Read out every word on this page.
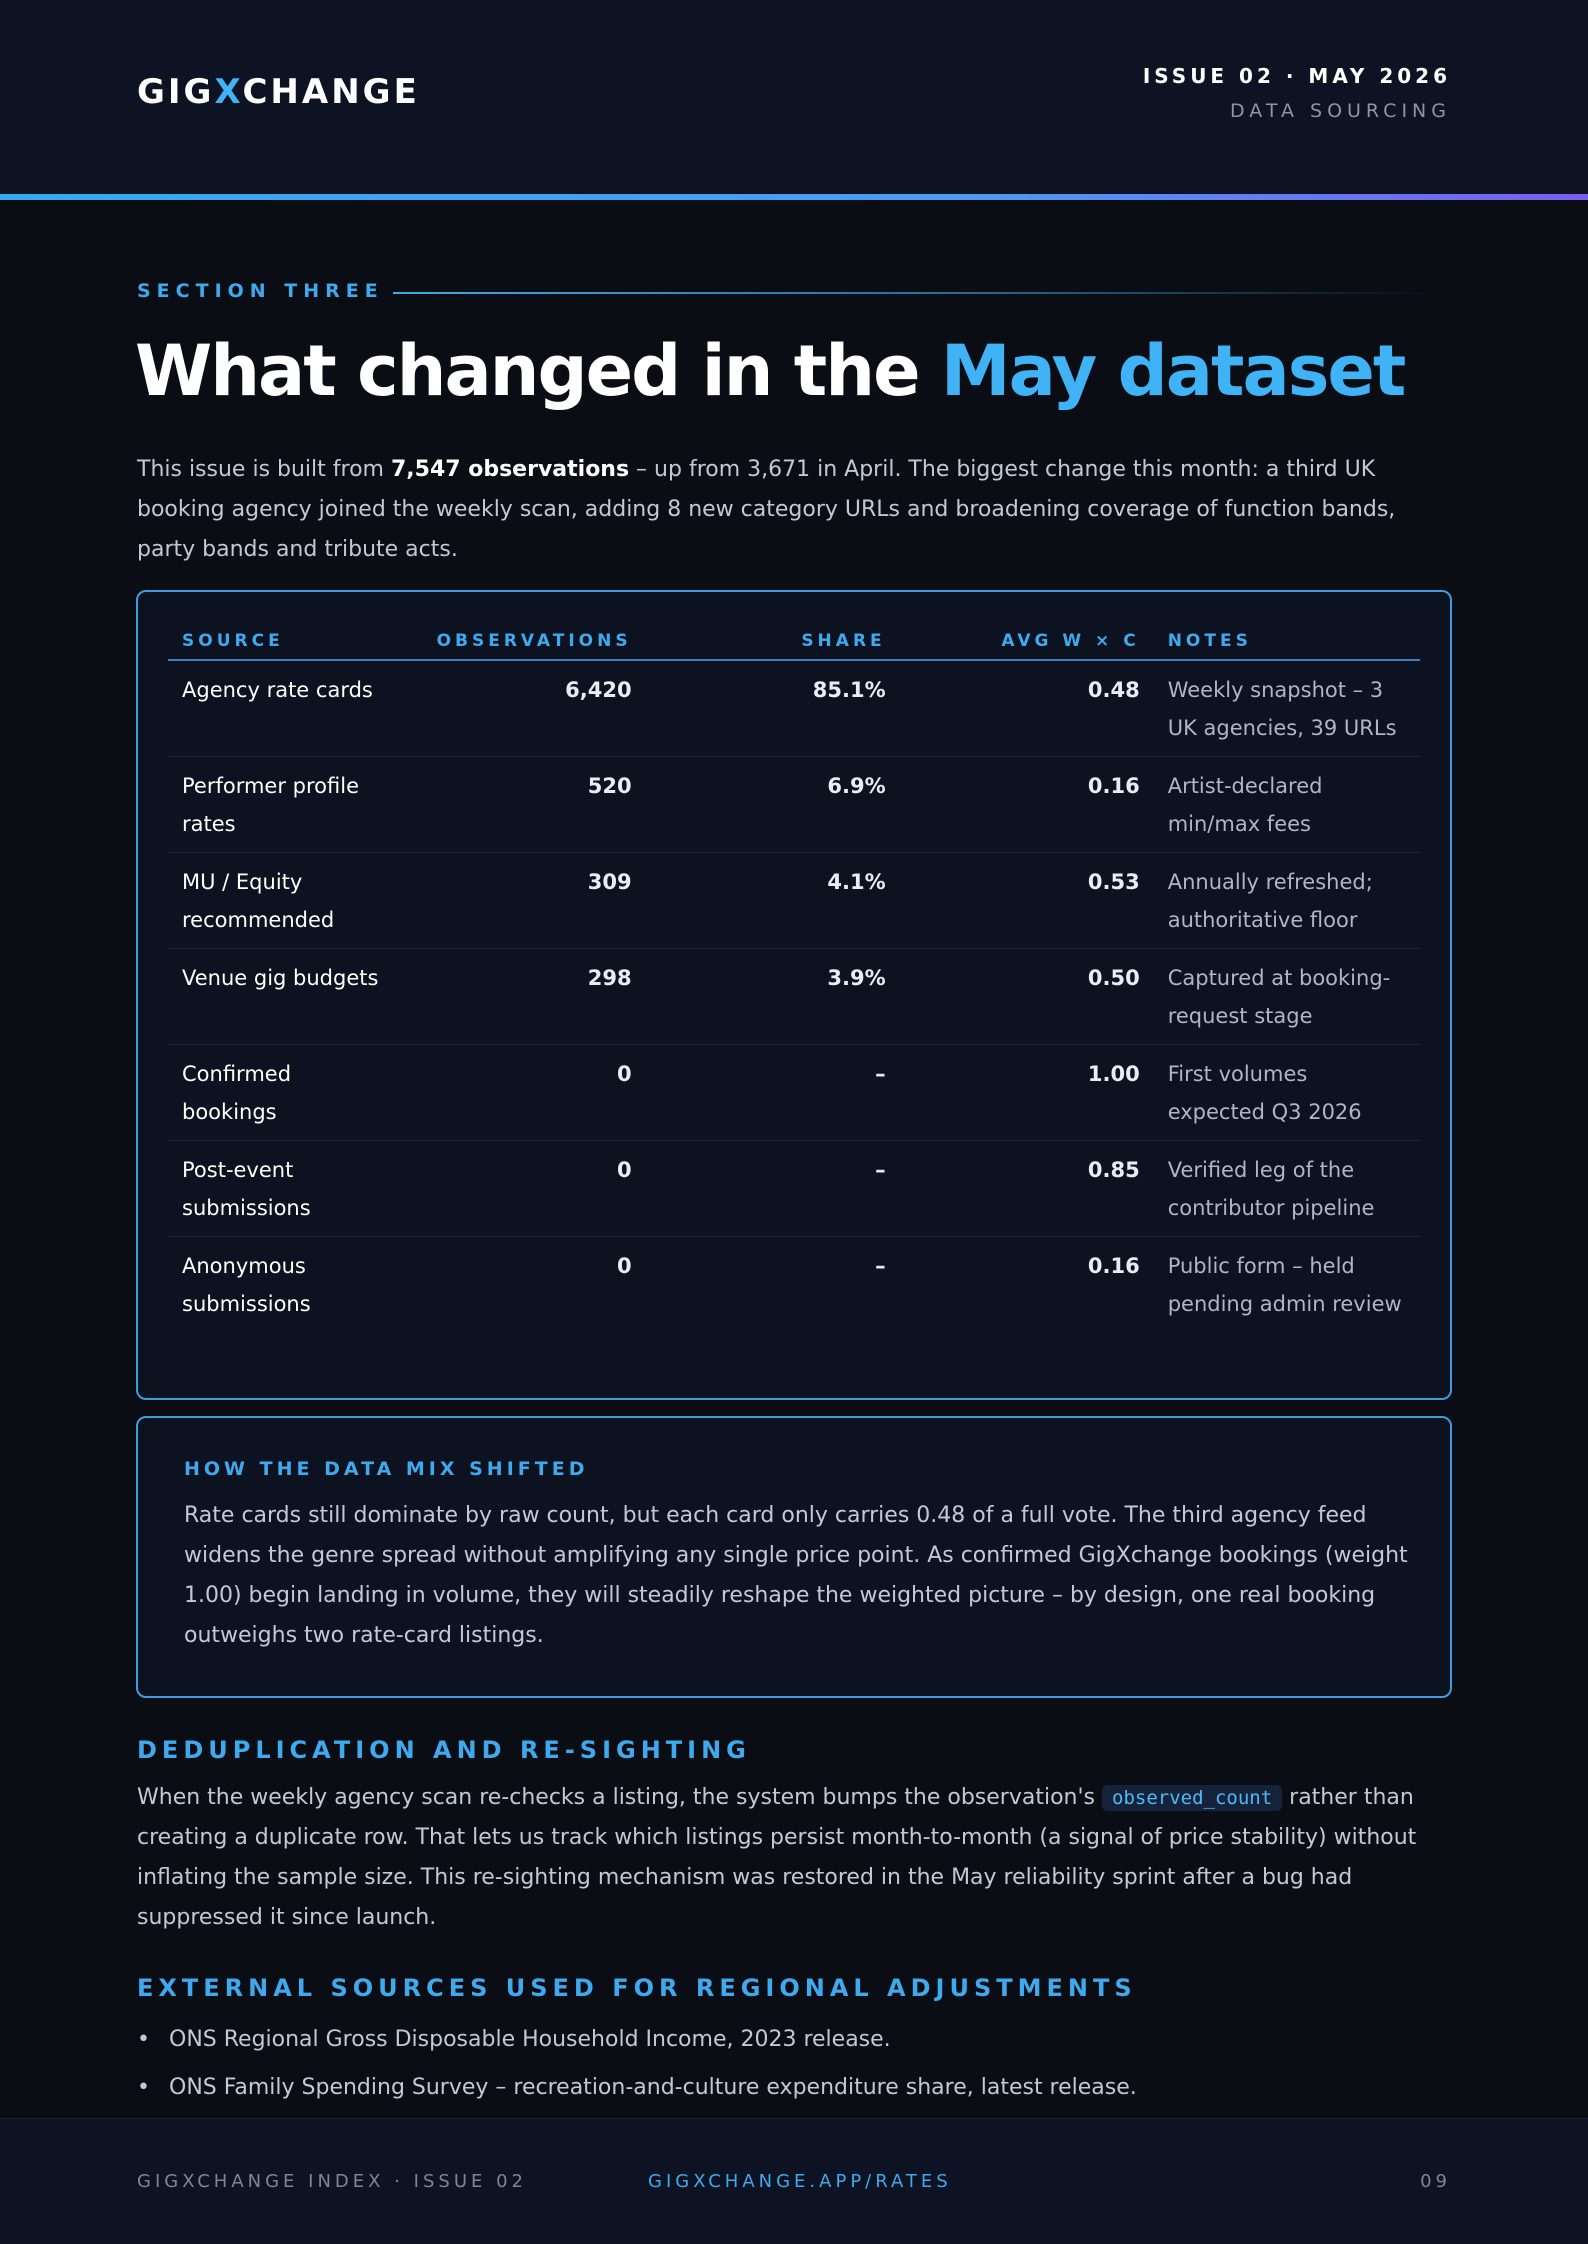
GIGXCHANGE	ISSUE 02 · MAY 2026
DATA SOURCING
SECTION THREE
What changed in the May dataset

This issue is built from 7,547 observations – up from 3,671 in April. The biggest change this month: a third UK booking agency joined the weekly scan, adding 8 new category URLs and broadening coverage of function bands, party bands and tribute acts.

SOURCE	OBSERVATIONS	SHARE	AVG W × C	NOTES
Agency rate cards	6,420	85.1%	0.48	Weekly snapshot – 3 UK agencies, 39 URLs
Performer profile rates	520	6.9%	0.16	Artist-declared min/max fees
MU / Equity recommended	309	4.1%	0.53	Annually refreshed; authoritative floor
Venue gig budgets	298	3.9%	0.50	Captured at booking-request stage
Confirmed bookings	0	–	1.00	First volumes expected Q3 2026
Post-event submissions	0	–	0.85	Verified leg of the contributor pipeline
Anonymous submissions	0	–	0.16	Public form – held pending admin review
HOW THE DATA MIX SHIFTED

Rate cards still dominate by raw count, but each card only carries 0.48 of a full vote. The third agency feed widens the genre spread without amplifying any single price point. As confirmed GigXchange bookings (weight 1.00) begin landing in volume, they will steadily reshape the weighted picture – by design, one real booking outweighs two rate-card listings.

DEDUPLICATION AND RE-SIGHTING

When the weekly agency scan re-checks a listing, the system bumps the observation's observed_count rather than creating a duplicate row. That lets us track which listings persist month-to-month (a signal of price stability) without inflating the sample size. This re-sighting mechanism was restored in the May reliability sprint after a bug had suppressed it since launch.

EXTERNAL SOURCES USED FOR REGIONAL ADJUSTMENTS
• ONS Regional Gross Disposable Household Income, 2023 release.
• ONS Family Spending Survey – recreation-and-culture expenditure share, latest release.
GIGXCHANGE INDEX · ISSUE 02	GIGXCHANGE.APP/RATES	09
